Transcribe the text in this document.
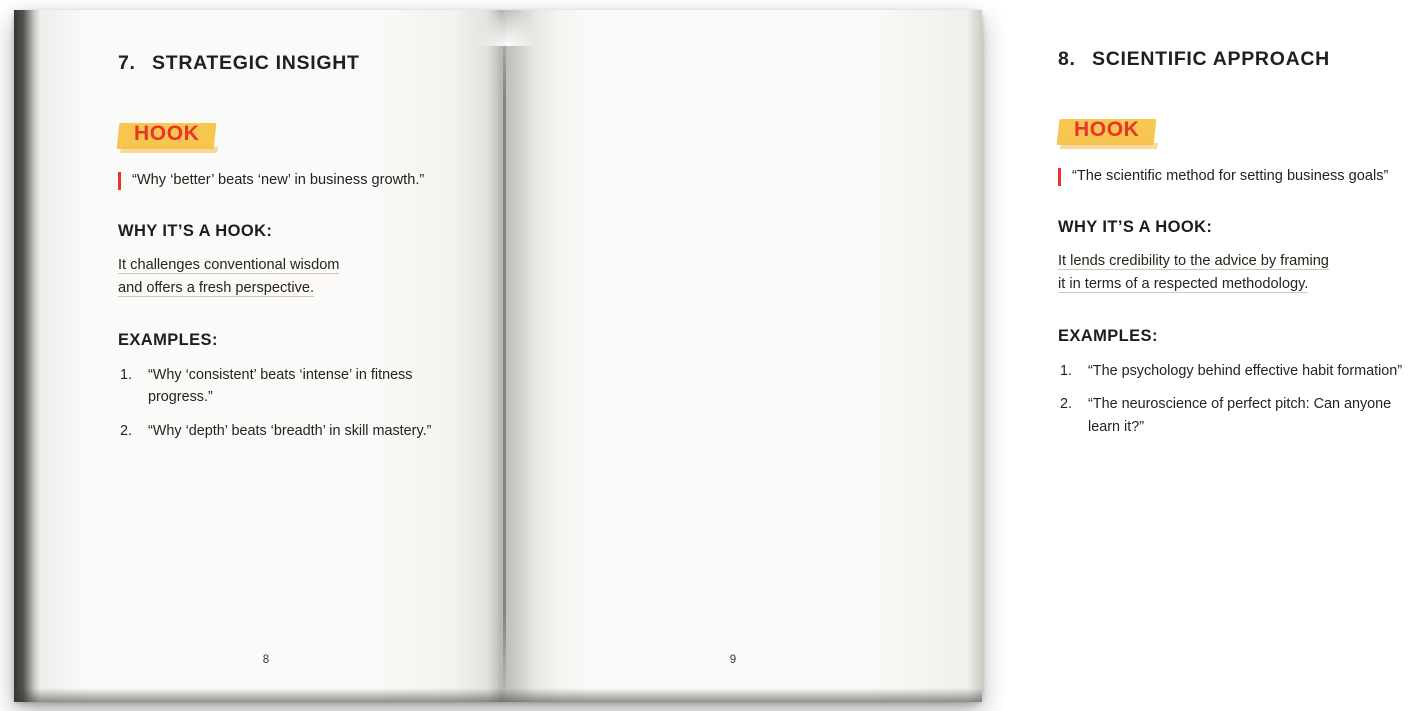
7. STRATEGIC INSIGHT
HOOK
“Why ‘better’ beats ‘new’ in business growth.”
WHY IT’S A HOOK:
It challenges conventional wisdom
and offers a fresh perspective.
EXAMPLES:
1. “Why ‘consistent’ beats ‘intense’ in fitness progress.”
2. “Why ‘depth’ beats ‘breadth’ in skill mastery.”
8
8. SCIENTIFIC APPROACH
HOOK
“The scientific method for setting business goals”
WHY IT’S A HOOK:
It lends credibility to the advice by framing
it in terms of a respected methodology.
EXAMPLES:
1. “The psychology behind effective habit formation”
2. “The neuroscience of perfect pitch: Can anyone learn it?”
9
